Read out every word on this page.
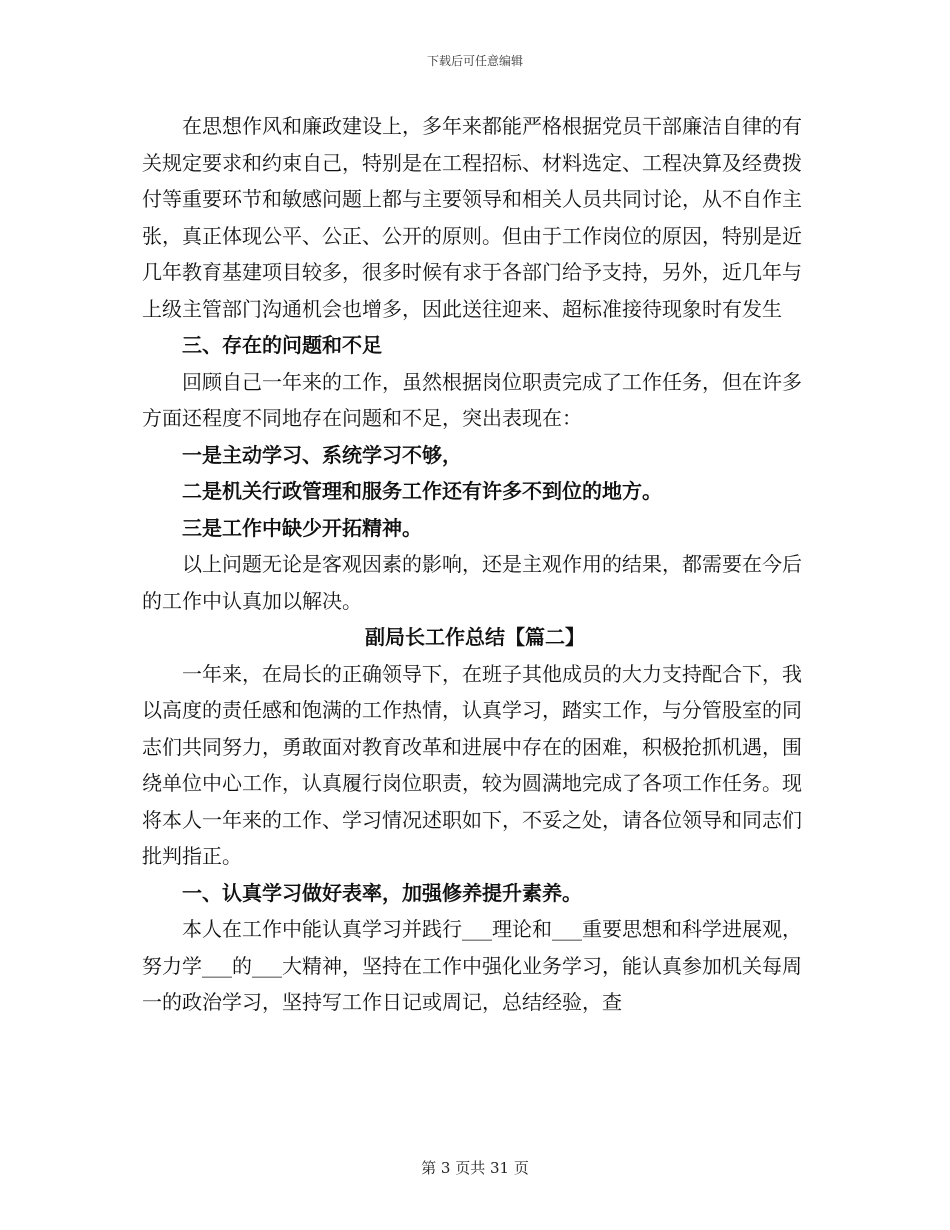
下载后可任意编辑

在思想作风和廉政建设上，多年来都能严格根据党员干部廉洁自律的有关规定要求和约束自己，特别是在工程招标、材料选定、工程决算及经费拨付等重要环节和敏感问题上都与主要领导和相关人员共同讨论，从不自作主张，真正体现公平、公正、公开的原则。但由于工作岗位的原因，特别是近几年教育基建项目较多，很多时候有求于各部门给予支持，另外，近几年与上级主管部门沟通机会也增多，因此送往迎来、超标准接待现象时有发生

三、存在的问题和不足

回顾自己一年来的工作，虽然根据岗位职责完成了工作任务，但在许多方面还程度不同地存在问题和不足，突出表现在：

一是主动学习、系统学习不够，

二是机关行政管理和服务工作还有许多不到位的地方。

三是工作中缺少开拓精神。

以上问题无论是客观因素的影响，还是主观作用的结果，都需要在今后的工作中认真加以解决。

副局长工作总结【篇二】

一年来，在局长的正确领导下，在班子其他成员的大力支持配合下，我以高度的责任感和饱满的工作热情，认真学习，踏实工作，与分管股室的同志们共同努力，勇敢面对教育改革和进展中存在的困难，积极抢抓机遇，围绕单位中心工作，认真履行岗位职责，较为圆满地完成了各项工作任务。现将本人一年来的工作、学习情况述职如下，不妥之处，请各位领导和同志们批判指正。

一、认真学习做好表率，加强修养提升素养。

本人在工作中能认真学习并践行___理论和___重要思想和科学进展观，努力学___的___大精神，坚持在工作中强化业务学习，能认真参加机关每周一的政治学习，坚持写工作日记或周记，总结经验，查

第 3 页共 31 页
